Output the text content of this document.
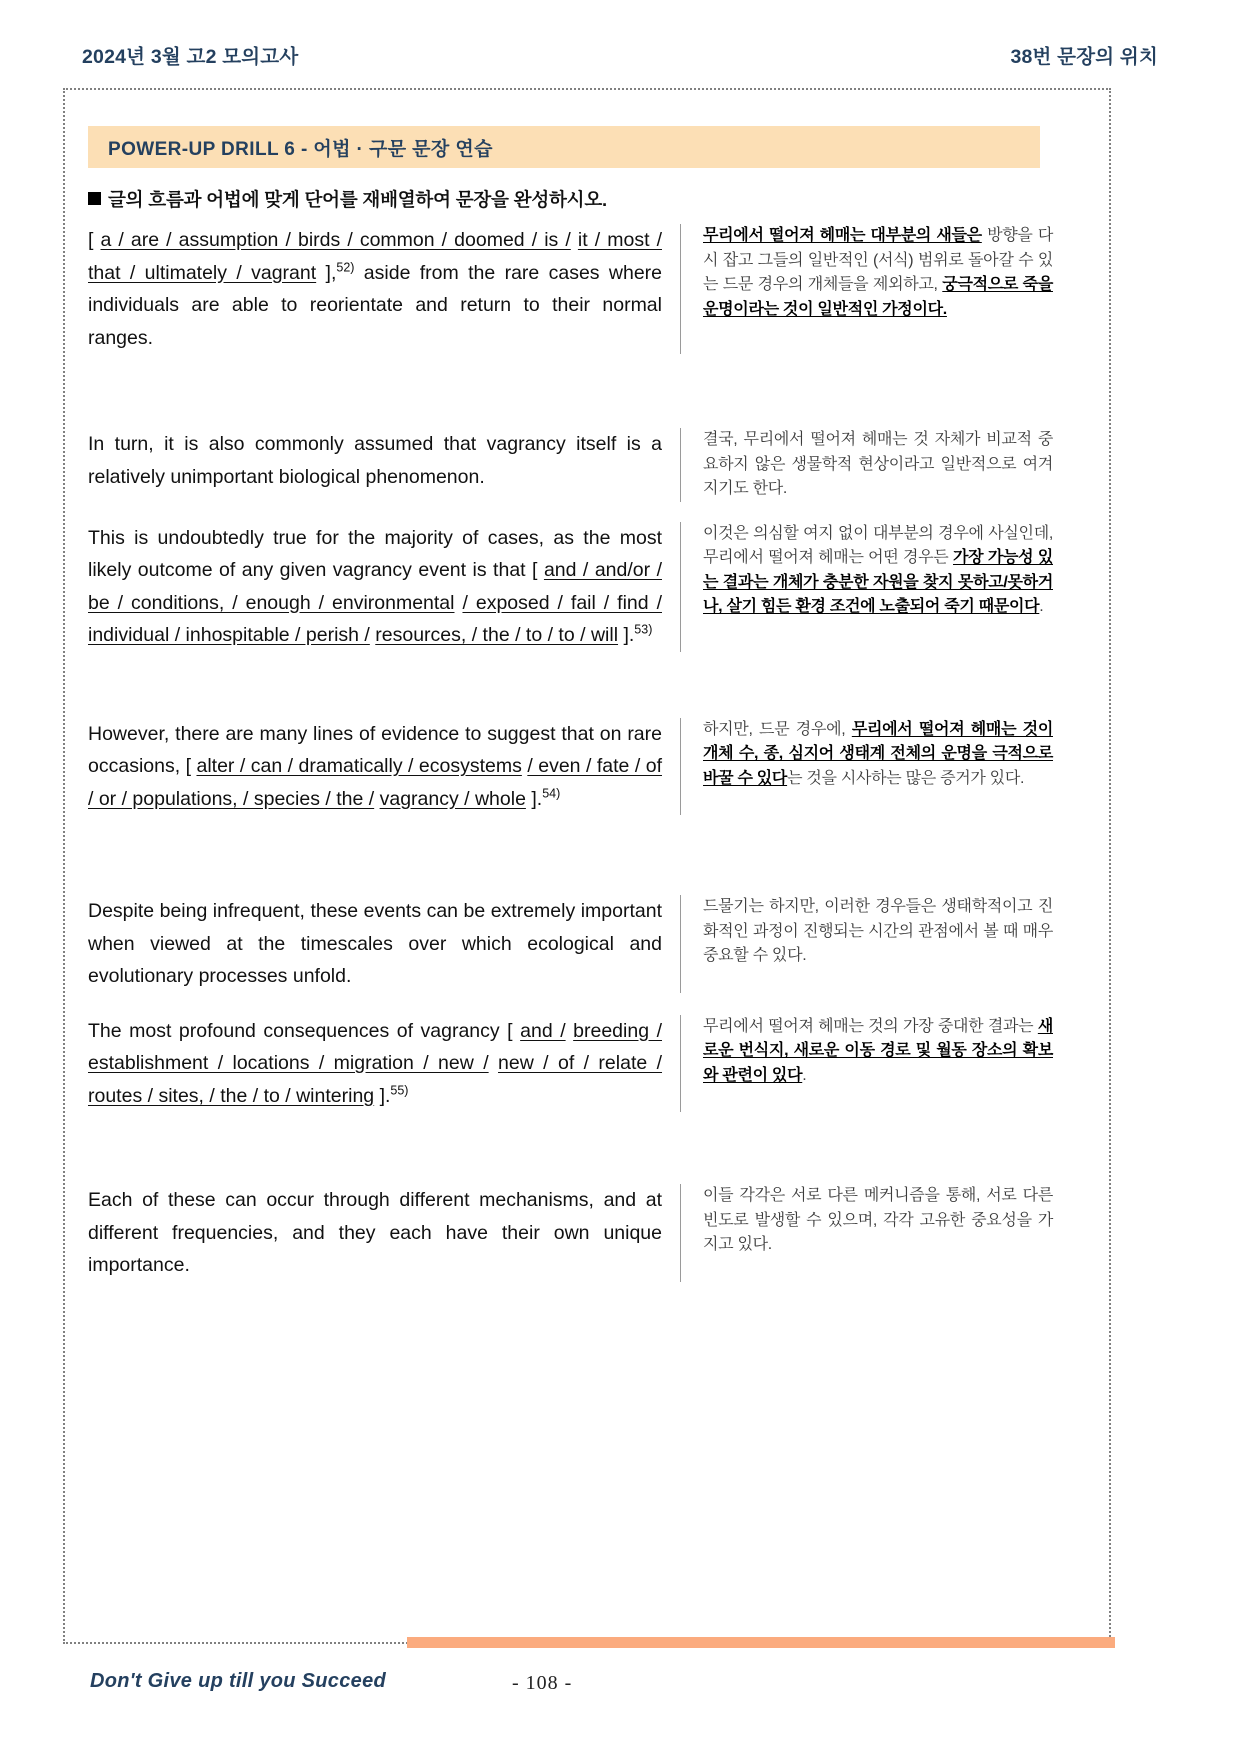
2024년 3월 고2 모의고사	38번 문장의 위치
POWER-UP DRILL 6 - 어법 · 구문 문장 연습
글의 흐름과 어법에 맞게 단어를 재배열하여 문장을 완성하시오.
[ a / are / assumption / birds / common / doomed / is / it / most / that / ultimately / vagrant ],$^{52)}$ aside from the rare cases where individuals are able to reorientate and return to their normal ranges.
무리에서 떨어져 헤매는 대부분의 새들은 방향을 다시 잡고 그들의 일반적인 (서식) 범위로 돌아갈 수 있는 드문 경우의 개체들을 제외하고, 궁극적으로 죽을 운명이라는 것이 일반적인 가정이다.
In turn, it is also commonly assumed that vagrancy itself is a relatively unimportant biological phenomenon.
결국, 무리에서 떨어져 헤매는 것 자체가 비교적 중요하지 않은 생물학적 현상이라고 일반적으로 여겨지기도 한다.
This is undoubtedly true for the majority of cases, as the most likely outcome of any given vagrancy event is that [ and / and/or / be / conditions, / enough / environmental / exposed / fail / find / individual / inhospitable / perish / resources, / the / to / to / will ].$^{53)}$
이것은 의심할 여지 없이 대부분의 경우에 사실인데, 무리에서 떨어져 헤매는 어떤 경우든 가장 가능성 있는 결과는 개체가 충분한 자원을 찾지 못하고/못하거나, 살기 힘든 환경 조건에 노출되어 죽기 때문이다.
However, there are many lines of evidence to suggest that on rare occasions, [ alter / can / dramatically / ecosystems / even / fate / of / or / populations, / species / the / vagrancy / whole ].$^{54)}$
하지만, 드문 경우에, 무리에서 떨어져 헤매는 것이 개체 수, 종, 심지어 생태계 전체의 운명을 극적으로 바꿀 수 있다는 것을 시사하는 많은 증거가 있다.
Despite being infrequent, these events can be extremely important when viewed at the timescales over which ecological and evolutionary processes unfold.
드물기는 하지만, 이러한 경우들은 생태학적이고 진화적인 과정이 진행되는 시간의 관점에서 볼 때 매우 중요할 수 있다.
The most profound consequences of vagrancy [ and / breeding / establishment / locations / migration / new / new / of / relate / routes / sites, / the / to / wintering ].$^{55)}$
무리에서 떨어져 헤매는 것의 가장 중대한 결과는 새로운 번식지, 새로운 이동 경로 및 월동 장소의 확보와 관련이 있다.
Each of these can occur through different mechanisms, and at different frequencies, and they each have their own unique importance.
이들 각각은 서로 다른 메커니즘을 통해, 서로 다른 빈도로 발생할 수 있으며, 각각 고유한 중요성을 가지고 있다.
Don't Give up till you Succeed	- 108 -
